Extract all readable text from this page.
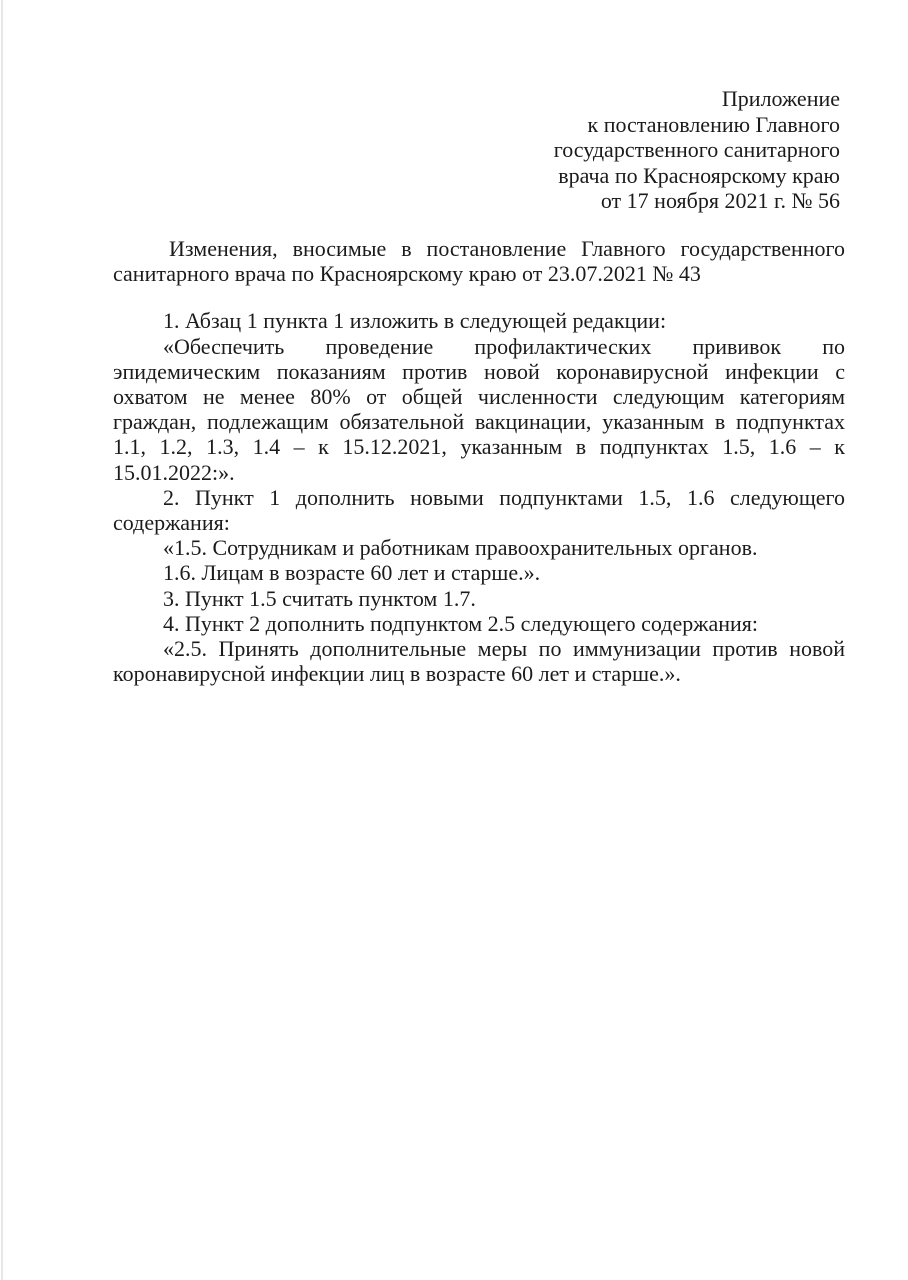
Приложение
к постановлению Главного
государственного санитарного
врача по Красноярскому краю
от 17 ноября 2021 г. № 56

Изменения, вносимые в постановление Главного государственного санитарного врача по Красноярскому краю от 23.07.2021 № 43

1. Абзац 1 пункта 1 изложить в следующей редакции:

«Обеспечить проведение профилактических прививок по эпидемическим показаниям против новой коронавирусной инфекции с охватом не менее 80% от общей численности следующим категориям граждан, подлежащим обязательной вакцинации, указанным в подпунктах 1.1, 1.2, 1.3, 1.4 – к 15.12.2021, указанным в подпунктах 1.5, 1.6 – к 15.01.2022:».

2. Пункт 1 дополнить новыми подпунктами 1.5, 1.6 следующего содержания:

«1.5. Сотрудникам и работникам правоохранительных органов.

1.6. Лицам в возрасте 60 лет и старше.».

3. Пункт 1.5 считать пунктом 1.7.

4. Пункт 2 дополнить подпунктом 2.5 следующего содержания:

«2.5. Принять дополнительные меры по иммунизации против новой коронавирусной инфекции лиц в возрасте 60 лет и старше.».
